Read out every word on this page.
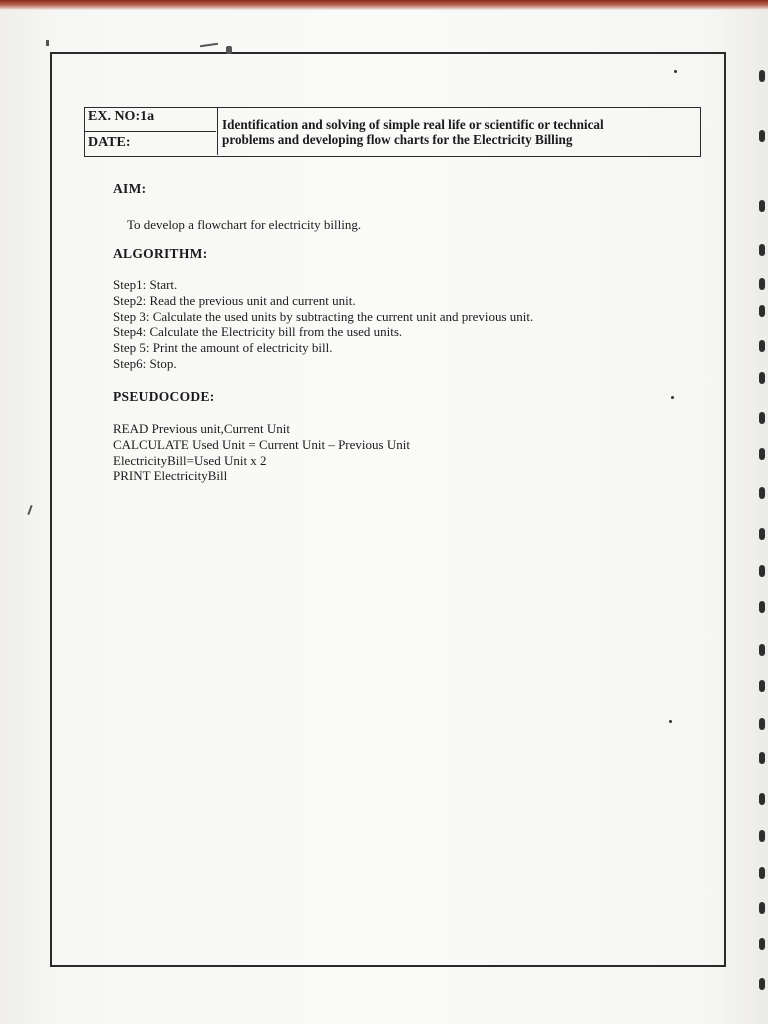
EX. NO:1a
DATE:
Identification and solving of simple real life or scientific or technical
problems and developing flow charts for the Electricity Billing
AIM:
To develop a flowchart for electricity billing.
ALGORITHM:
Step1: Start.
Step2: Read the previous unit and current unit.
Step 3: Calculate the used units by subtracting the current unit and previous unit.
Step4: Calculate the Electricity bill from the used units.
Step 5: Print the amount of electricity bill.
Step6: Stop.
PSEUDOCODE:
READ Previous unit,Current Unit
CALCULATE Used Unit = Current Unit – Previous Unit
ElectricityBill=Used Unit x 2
PRINT ElectricityBill
